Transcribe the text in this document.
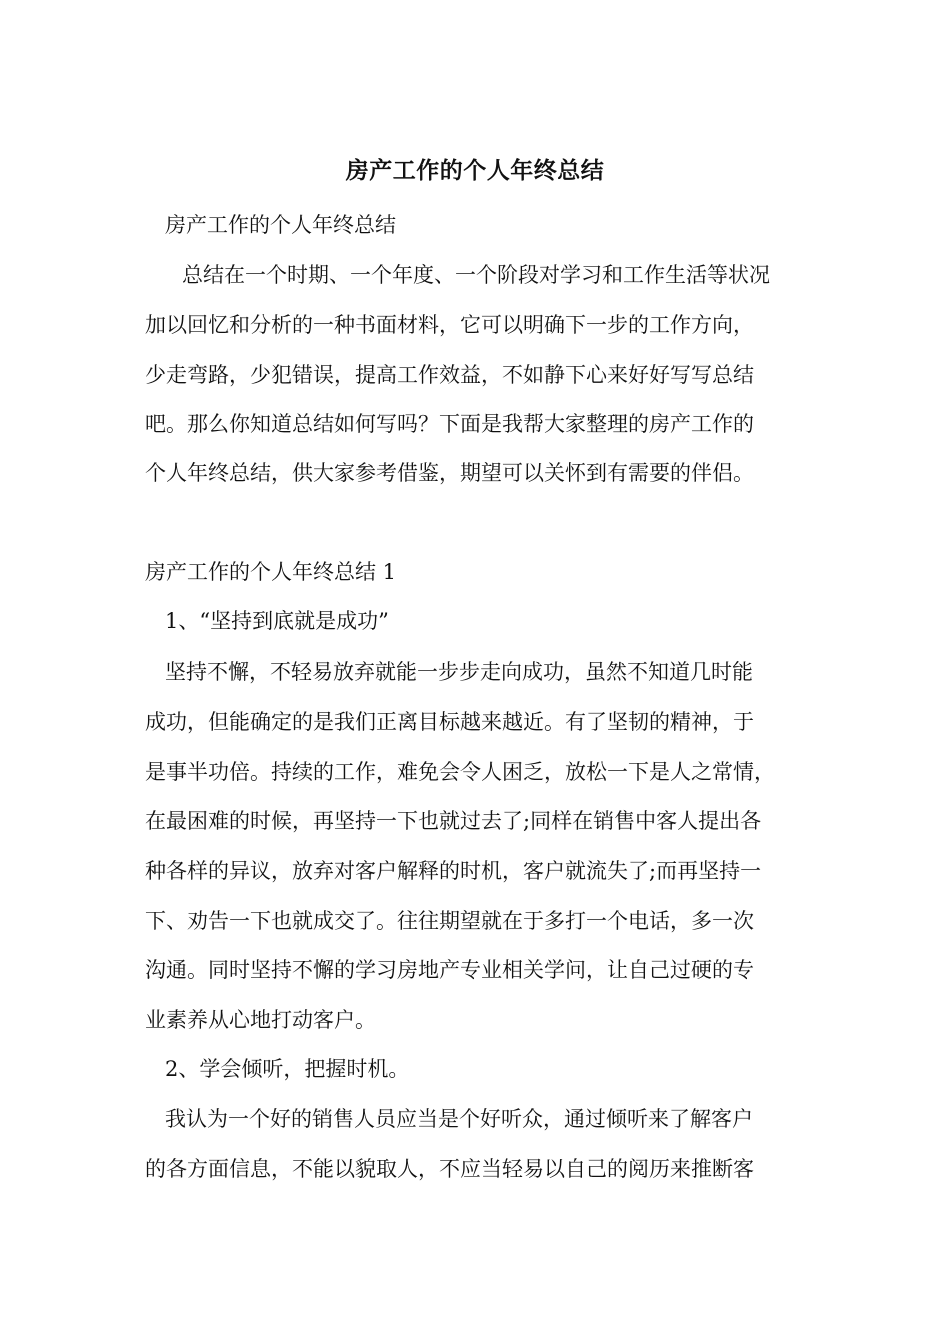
房产工作的个人年终总结
房产工作的个人年终总结
总结在一个时期、一个年度、一个阶段对学习和工作生活等状况
加以回忆和分析的一种书面材料，它可以明确下一步的工作方向，
少走弯路，少犯错误，提高工作效益，不如静下心来好好写写总结
吧。那么你知道总结如何写吗？下面是我帮大家整理的房产工作的
个人年终总结，供大家参考借鉴，期望可以关怀到有需要的伴侣。
房产工作的个人年终总结 1
1、“坚持到底就是成功”
坚持不懈，不轻易放弃就能一步步走向成功，虽然不知道几时能
成功，但能确定的是我们正离目标越来越近。有了坚韧的精神，于
是事半功倍。持续的工作，难免会令人困乏，放松一下是人之常情，
在最困难的时候，再坚持一下也就过去了;同样在销售中客人提出各
种各样的异议，放弃对客户解释的时机，客户就流失了;而再坚持一
下、劝告一下也就成交了。往往期望就在于多打一个电话，多一次
沟通。同时坚持不懈的学习房地产专业相关学问，让自己过硬的专
业素养从心地打动客户。
2、学会倾听，把握时机。
我认为一个好的销售人员应当是个好听众，通过倾听来了解客户
的各方面信息，不能以貌取人，不应当轻易以自己的阅历来推断客
